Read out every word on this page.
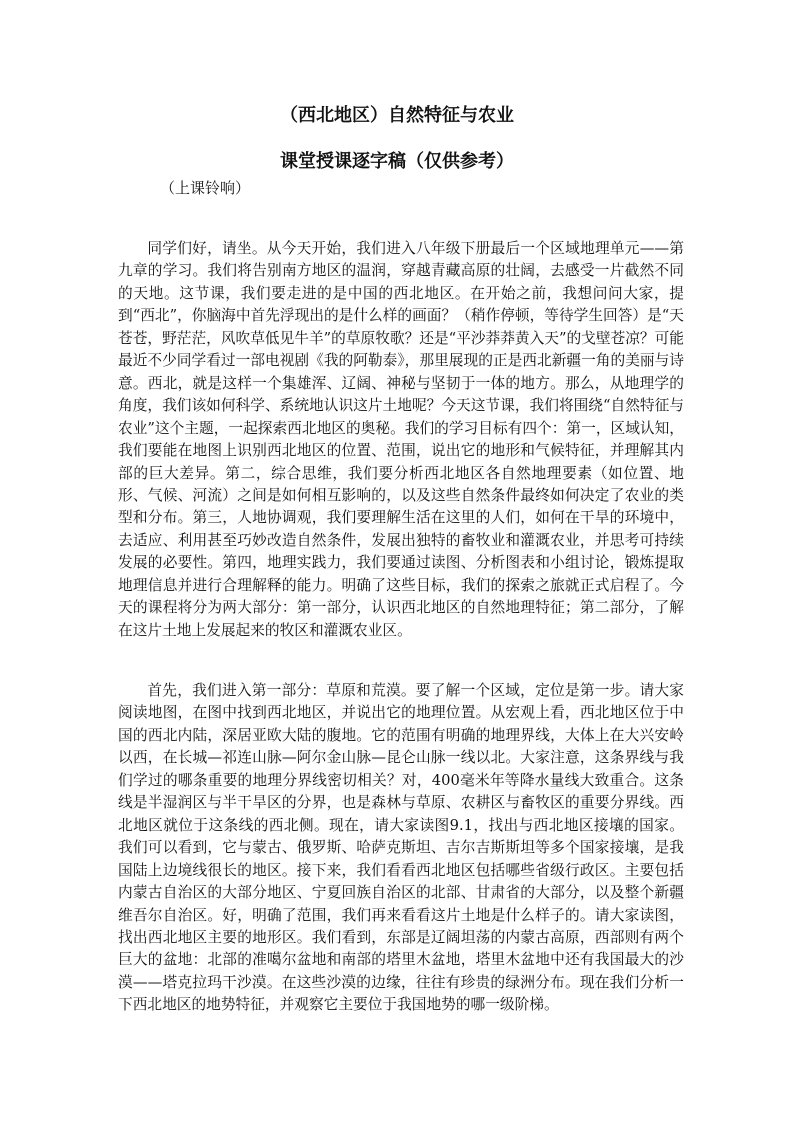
（西北地区）自然特征与农业
课堂授课逐字稿（仅供参考）

（上课铃响）

同学们好，请坐。从今天开始，我们进入八年级下册最后一个区域地理单元——第九章的学习。我们将告别南方地区的温润，穿越青藏高原的壮阔，去感受一片截然不同的天地。这节课，我们要走进的是中国的西北地区。在开始之前，我想问问大家，提到“西北”，你脑海中首先浮现出的是什么样的画面？（稍作停顿，等待学生回答）是“天苍苍，野茫茫，风吹草低见牛羊”的草原牧歌？还是“平沙莽莽黄入天”的戈壁苍凉？可能最近不少同学看过一部电视剧《我的阿勒泰》，那里展现的正是西北新疆一角的美丽与诗意。西北，就是这样一个集雄浑、辽阔、神秘与坚韧于一体的地方。那么，从地理学的角度，我们该如何科学、系统地认识这片土地呢？今天这节课，我们将围绕“自然特征与农业”这个主题，一起探索西北地区的奥秘。我们的学习目标有四个：第一，区域认知，我们要能在地图上识别西北地区的位置、范围，说出它的地形和气候特征，并理解其内部的巨大差异。第二，综合思维，我们要分析西北地区各自然地理要素（如位置、地形、气候、河流）之间是如何相互影响的，以及这些自然条件最终如何决定了农业的类型和分布。第三，人地协调观，我们要理解生活在这里的人们，如何在干旱的环境中，去适应、利用甚至巧妙改造自然条件，发展出独特的畜牧业和灌溉农业，并思考可持续发展的必要性。第四，地理实践力，我们要通过读图、分析图表和小组讨论，锻炼提取地理信息并进行合理解释的能力。明确了这些目标，我们的探索之旅就正式启程了。今天的课程将分为两大部分：第一部分，认识西北地区的自然地理特征；第二部分，了解在这片土地上发展起来的牧区和灌溉农业区。

首先，我们进入第一部分：草原和荒漠。要了解一个区域，定位是第一步。请大家阅读地图，在图中找到西北地区，并说出它的地理位置。从宏观上看，西北地区位于中国的西北内陆，深居亚欧大陆的腹地。它的范围有明确的地理界线，大体上在大兴安岭以西，在长城—祁连山脉—阿尔金山脉—昆仑山脉一线以北。大家注意，这条界线与我们学过的哪条重要的地理分界线密切相关？对，400毫米年等降水量线大致重合。这条线是半湿润区与半干旱区的分界，也是森林与草原、农耕区与畜牧区的重要分界线。西北地区就位于这条线的西北侧。现在，请大家读图9.1，找出与西北地区接壤的国家。我们可以看到，它与蒙古、俄罗斯、哈萨克斯坦、吉尔吉斯斯坦等多个国家接壤，是我国陆上边境线很长的地区。接下来，我们看看西北地区包括哪些省级行政区。主要包括内蒙古自治区的大部分地区、宁夏回族自治区的北部、甘肃省的大部分，以及整个新疆维吾尔自治区。好，明确了范围，我们再来看看这片土地是什么样子的。请大家读图，找出西北地区主要的地形区。我们看到，东部是辽阔坦荡的内蒙古高原，西部则有两个巨大的盆地：北部的准噶尔盆地和南部的塔里木盆地，塔里木盆地中还有我国最大的沙漠——塔克拉玛干沙漠。在这些沙漠的边缘，往往有珍贵的绿洲分布。现在我们分析一下西北地区的地势特征，并观察它主要位于我国地势的哪一级阶梯。
